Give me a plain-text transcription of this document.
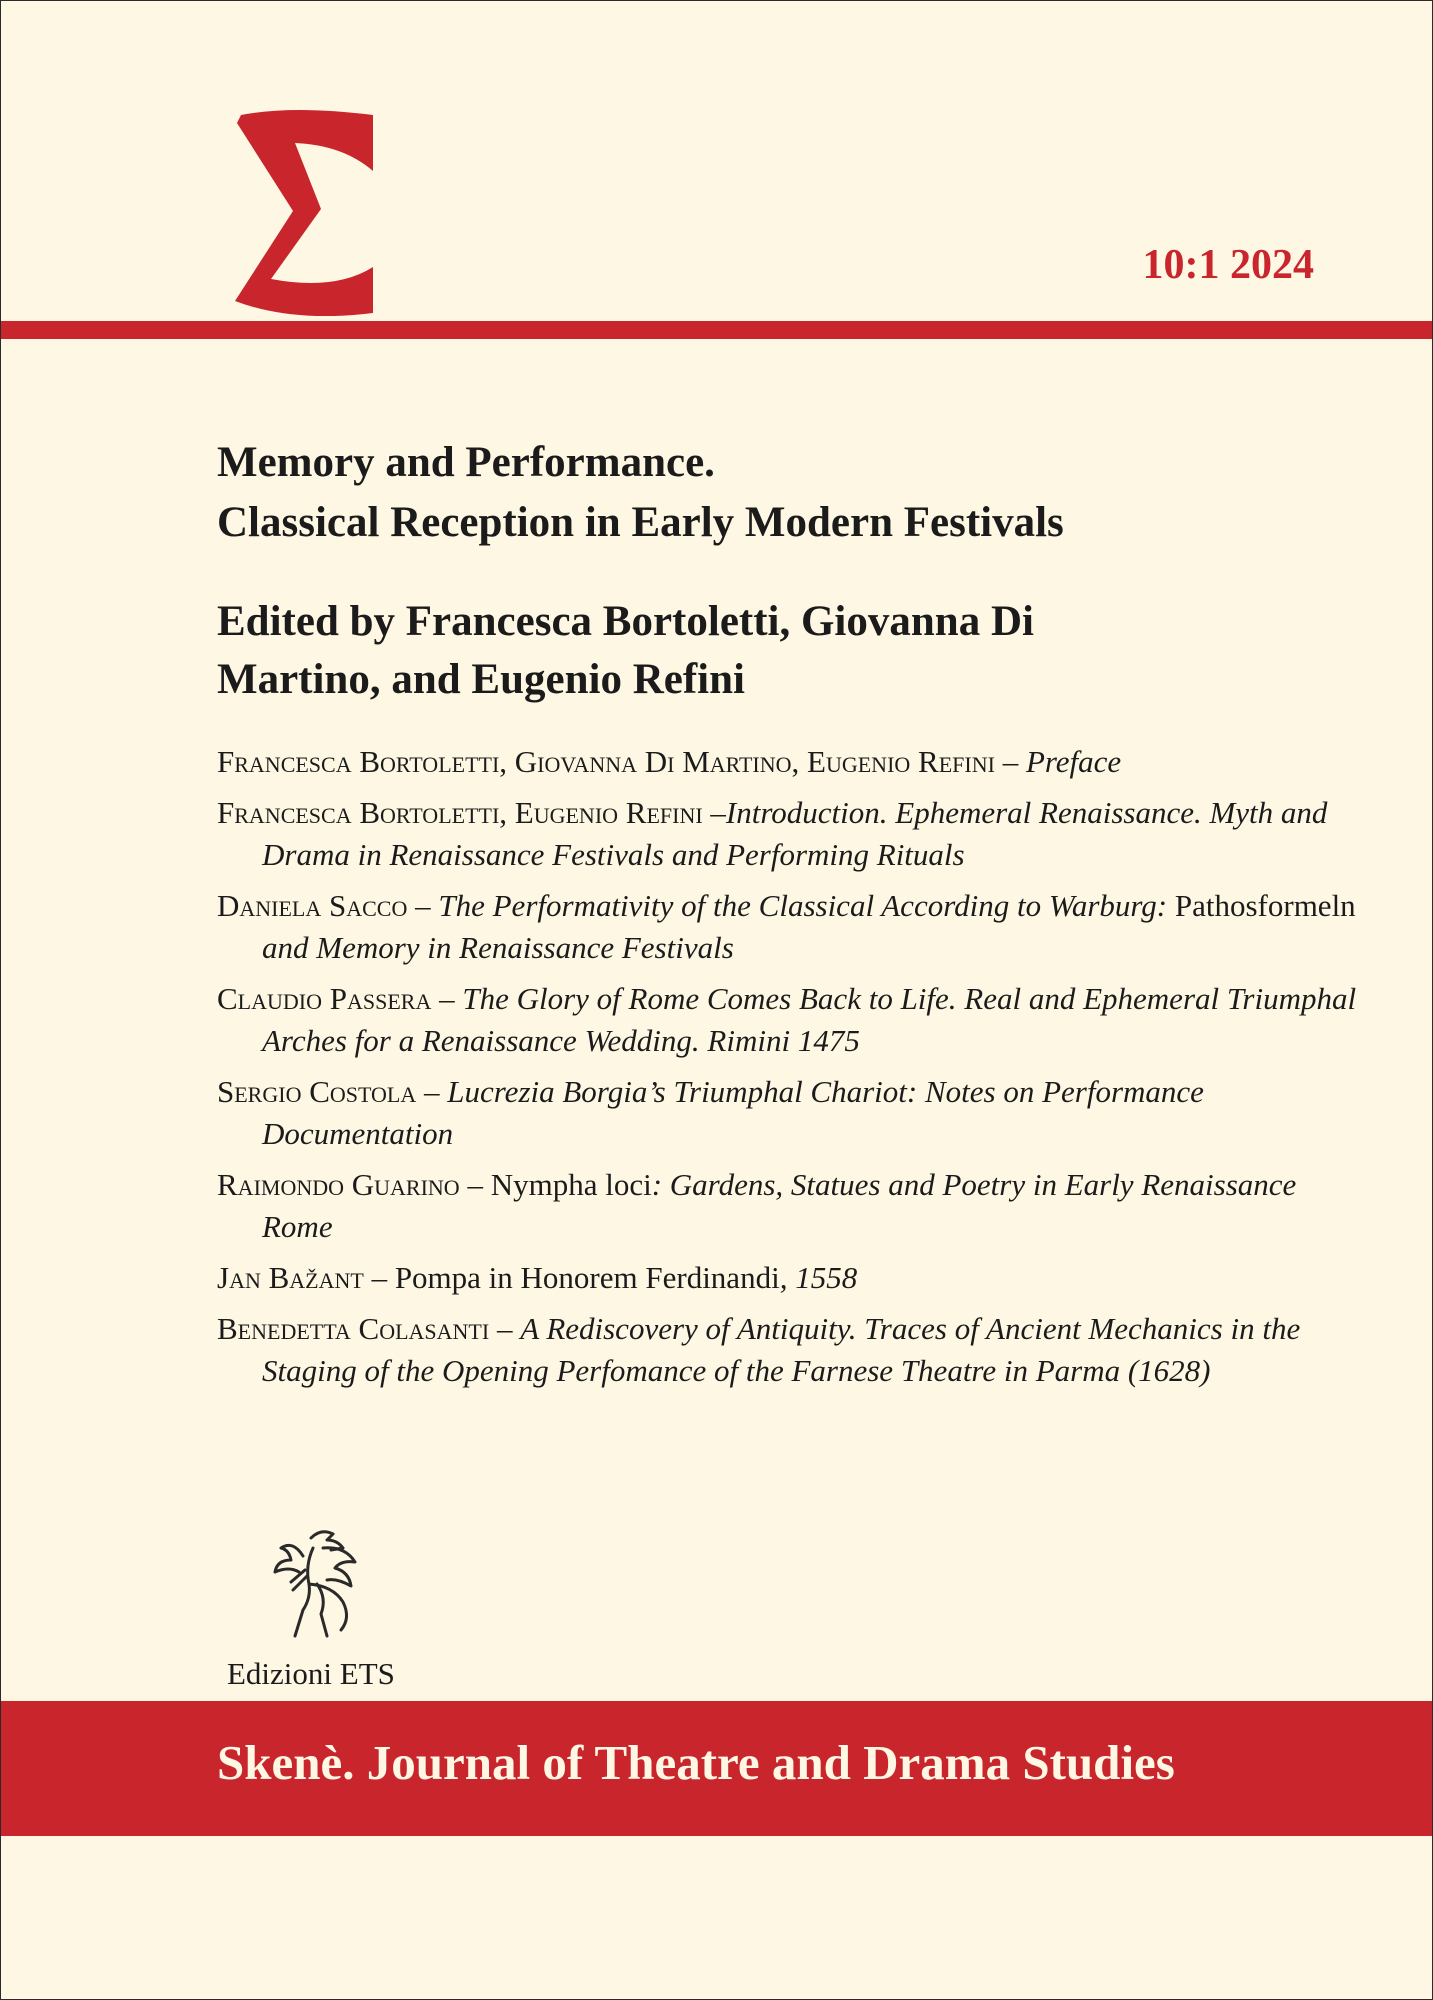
10:1 2024
Memory and Performance.
Classical Reception in Early Modern Festivals
Edited by Francesca Bortoletti, Giovanna Di
Martino, and Eugenio Refini
Francesca Bortoletti, Giovanna Di Martino, Eugenio Refini – Preface
Francesca Bortoletti, Eugenio Refini –Introduction. Ephemeral Renaissance. Myth and Drama in Renaissance Festivals and Performing Rituals
Daniela Sacco – The Performativity of the Classical According to Warburg: Pathosformeln and Memory in Renaissance Festivals
Claudio Passera – The Glory of Rome Comes Back to Life. Real and Ephemeral Triumphal Arches for a Renaissance Wedding. Rimini 1475
Sergio Costola – Lucrezia Borgia’s Triumphal Chariot: Notes on Performance Documentation
Raimondo Guarino – Nympha loci: Gardens, Statues and Poetry in Early Renaissance Rome
Jan Bažant – Pompa in Honorem Ferdinandi, 1558
Benedetta Colasanti – A Rediscovery of Antiquity. Traces of Ancient Mechanics in the Staging of the Opening Perfomance of the Farnese Theatre in Parma (1628)
Edizioni ETS
Skenè. Journal of Theatre and Drama Studies
